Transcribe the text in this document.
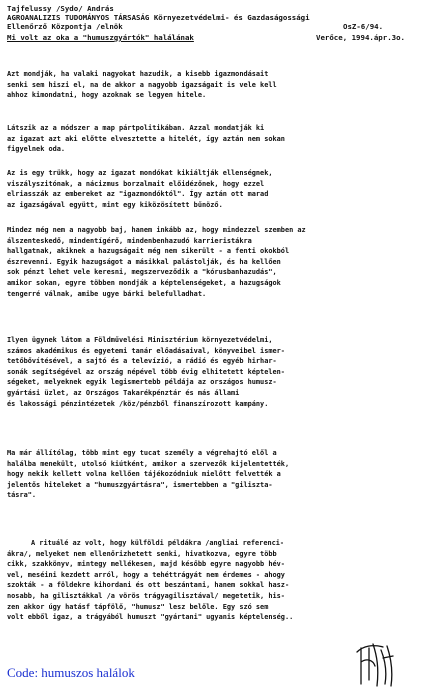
Tajfelussy /Sydo/ András
AGROANALIZIS TUDOMÁNYOS TÁRSASÁG Környezetvédelmi- és Gazdaságossági
Ellenőrző Központja /elnök	OsZ-6/94.
Mi volt az oka a "humuszgyártók" halálának	Verőce, 1994.ápr.3o.
Azt mondják, ha valaki nagyokat hazudik, a kisebb igazmondásait
senki sem hiszi el, na de akkor a nagyobb igazságait is vele kell
ahhoz kimondatni, hogy azoknak se legyen hitele.
Látszik az a módszer a map pártpolitikában. Azzal mondatják ki
az igazat azt aki előtte elvesztette a hitelét, így aztán nem sokan
figyelnek oda.
Az is egy trükk, hogy az igazat mondókat kikiáltják ellenségnek,
viszályszitónak, a nácizmus borzalmait előidézőnek, hogy ezzel
elriasszák az embereket az "igazmondóktól". Így aztán ott marad
az igazságával együtt, mint egy kiközösített bűnöző.
Mindez még nem a nagyobb baj, hanem inkább az, hogy mindezzel szemben az
álszenteskedő, mindentígérő, mindenbenhazudó karrieristákra
hallgatnak, akiknek a hazugságait még nem sikerült - a fenti okokból
észrevenni. Egyik hazugságot a másikkal palástolják, és ha kellően
sok pénzt lehet vele keresni, megszerveződik a "kórusbanhazudás",
amikor sokan, egyre többen mondják a képtelenségeket, a hazugságok
tengerré válnak, amibe ugye bárki belefulladhat.
Ilyen ügynek látom a Földművelési Minisztérium környezetvédelmi,
számos akadémikus és egyetemi tanár előadásaival, könyveibel ismer-
tetőbővítésével, a sajtó és a televízió, a rádió és egyéb hirhar-
sonák segítségével az ország népével több évig elhitetett képtelen-
ségeket, melyeknek egyik legismertebb példája az országos humusz-
gyártási üzlet, az Országos Takarékpénztár és más állami
és lakossági pénzintézetek /köz/pénzből finanszírozott kampány.
Ma már állítólag, több mint egy tucat személy a végrehajtó elől a
halálba menekült, utolsó kiútként, amikor a szervezők kijelentették,
hogy nekik kellett volna kellően tájékozódniuk mielőtt felvették a
jelentős hiteleket a "humuszgyártásra", ismertebben a "giliszta-
tásra".
A rituálé az volt, hogy külföldi példákra /angliai referenci-
ákra/, melyeket nem ellenőrizhetett senki, hivatkozva, egyre több
cikk, szakkönyv, mintegy mellékesen, majd később egyre nagyobb hév-
vel, meséini kezdett arról, hogy a tehéttrágyát nem érdemes - ahogy
szokták - a földekre kihordani és ott beszántani, hanem sokkal hasz-
nosabb, ha gilisztákkal /a vörös trágyagilisztával/ megetetik, his-
zen akkor úgy hatásf tápfölő, "humusz" lesz belőle. Egy szó sem
volt ebből igaz, a trágyából humuszt "gyártani" ugyanis képtelenség..
Code: humuszos halálok
